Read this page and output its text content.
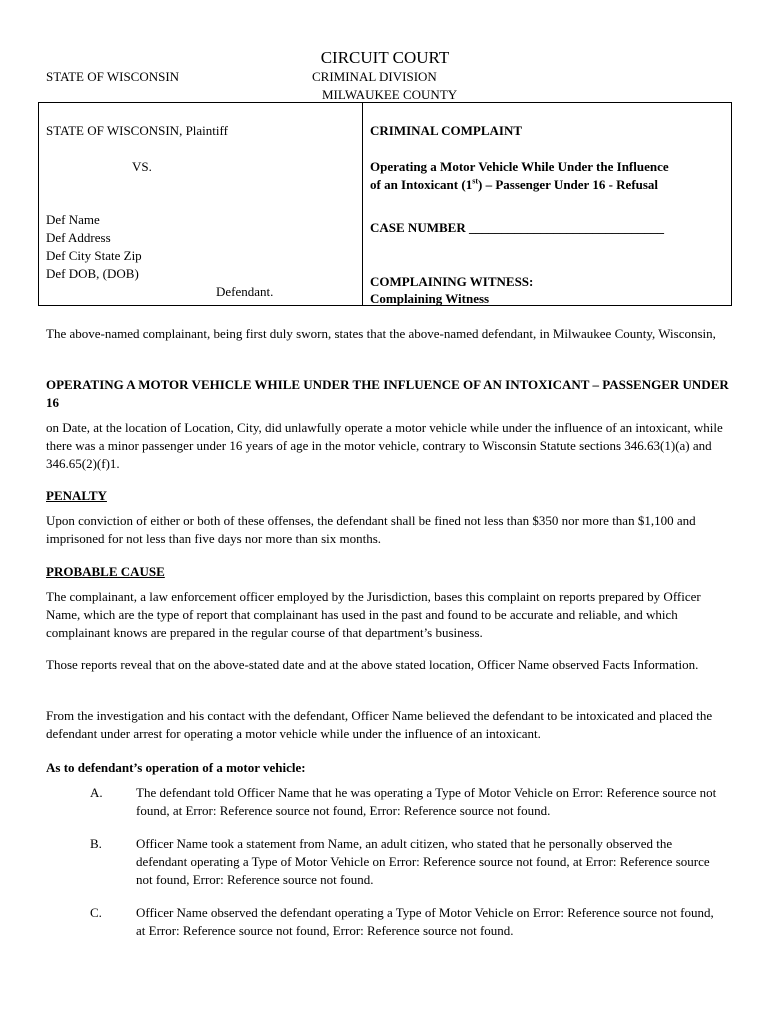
CIRCUIT COURT
STATE OF WISCONSIN	CRIMINAL DIVISION
MILWAUKEE COUNTY
STATE OF WISCONSIN, Plaintiff
VS.
Def Name
Def Address
Def City State Zip
Def DOB, (DOB)
Defendant.
CRIMINAL COMPLAINT
Operating a Motor Vehicle While Under the Influence
of an Intoxicant (1st) – Passenger Under 16 - Refusal
CASE NUMBER ______________________________
COMPLAINING WITNESS:
Complaining Witness
The above-named complainant, being first duly sworn, states that the above-named defendant, in Milwaukee County, Wisconsin,
OPERATING A MOTOR VEHICLE WHILE UNDER THE INFLUENCE OF AN INTOXICANT – PASSENGER UNDER 16
on Date, at the location of Location, City, did unlawfully operate a motor vehicle while under the influence of an intoxicant, while there was a minor passenger under 16 years of age in the motor vehicle, contrary to Wisconsin Statute sections 346.63(1)(a) and 346.65(2)(f)1.
PENALTY
Upon conviction of either or both of these offenses, the defendant shall be fined not less than $350 nor more than $1,100 and imprisoned for not less than five days nor more than six months.
PROBABLE CAUSE
The complainant, a law enforcement officer employed by the Jurisdiction, bases this complaint on reports prepared by Officer Name, which are the type of report that complainant has used in the past and found to be accurate and reliable, and which complainant knows are prepared in the regular course of that department’s business.
Those reports reveal that on the above-stated date and at the above stated location, Officer Name observed Facts Information.
From the investigation and his contact with the defendant, Officer Name believed the defendant to be intoxicated and placed the defendant under arrest for operating a motor vehicle while under the influence of an intoxicant.
As to defendant’s operation of a motor vehicle:
A.	The defendant told Officer Name that he was operating a Type of Motor Vehicle on Error: Reference source not found, at Error: Reference source not found, Error: Reference source not found.
B.	Officer Name took a statement from Name, an adult citizen, who stated that he personally observed the defendant operating a Type of Motor Vehicle on Error: Reference source not found, at Error: Reference source not found, Error: Reference source not found.
C.	Officer Name observed the defendant operating a Type of Motor Vehicle on Error: Reference source not found, at Error: Reference source not found, Error: Reference source not found.
